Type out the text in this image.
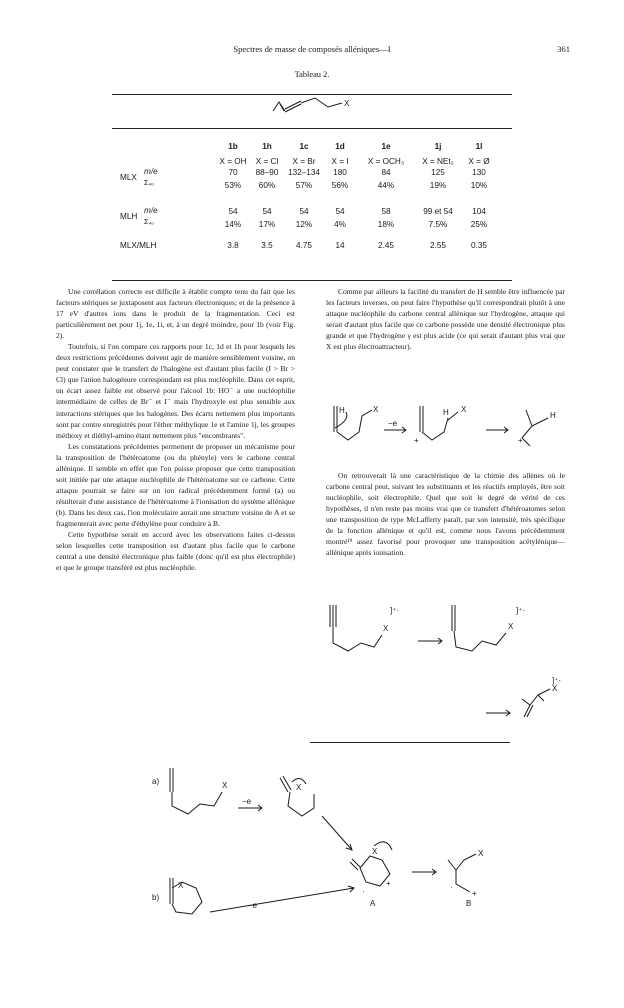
Spectres de masse de composés alléniques—I	361
Tableau 2.
X
1b	1h	1c	1d	1e	1j	1l
X = OH	X = Cl	X = Br	X = I	X = OCH₃	X = NEt₂	X = Ø
MLX
m/e
Σ₄₀
70	88–90	132–134	180	84	125	130
53%	60%	57%	56%	44%	19%	10%
MLH
m/e
Σ₄₀
54	54	54	54	58	99 et 54	104
14%	17%	12%	4%	18%	7.5%	25%
MLX/MLH	3.8	3.5	4.75	14	2.45	2.55	0.35

Une corrélation correcte est difficile à établir compte tenu du fait que les facteurs stériques se juxtaposent aux facteurs électroniques; et de la présence à 17 eV d'autres ions dans le produit de la fragmentation. Ceci est particulièrement net pour 1j, 1e, 1i, et, à un degré moindre, pour 1b (voir Fig. 2).

Toutefois, si l'on compare ces rapports pour 1c, 1d et 1h pour lesquels les deux restrictions précédentes doivent agir de manière sensiblement voisine, on peut constater que le transfert de l'halogène est d'autant plus facile (I > Br > Cl) que l'anion halogénure correspondant est plus nucléophile. Dans cet esprit, un écart assez faible est observé pour l'alcool 1b: HO⁻ a une nucléophilie intermédiaire de celles de Br⁻ et I⁻ mais l'hydroxyle est plus sensible aux interactions stériques que les halogènes. Des écarts nettement plus importants sont par contre enregistrés pour l'éther méthylique 1e et l'amine 1j, les groupes méthoxy et diéthyl-amino étant nettement plus "encombrants".

Les constatations précédentes permettent de proposer un mécanisme pour la transposition de l'hétéroatome (ou du phényle) vers le carbone central allénique. Il semble en effet que l'on puisse proposer que cette transposition soit initiée par une attaque nucléophile de l'hétéroatome sur ce carbone. Cette attaque pourrait se faire sur un ion radical précédemment formé (a) ou résulterait d'une assistance de l'hétéroatome à l'ionisation du système allénique (b). Dans les deux cas, l'ion moléculaire aurait une structure voisine de A et se fragmenterait avec perte d'éthylène pour conduire à B.

Cette hypothèse serait en accord avec les observations faites ci-dessus selon lesquelles cette transposition est d'autant plus facile que le carbone central a une densité électronique plus faible (donc qu'il est plus électrophile) et que le groupe transféré est plus nucléophile.

Comme par ailleurs la facilité du transfert de H semble être influencée par les facteurs inverses, on peut faire l'hypothèse qu'il correspondrait plutôt à une attaque nucléophile du carbone central allénique sur l'hydrogène, attaque qui serait d'autant plus facile que ce carbone possède une densité électronique plus grande et que l'hydrogène γ est plus acide (ce qui serait d'autant plus vrai que X est plus électroattracteur).

H	X
−e
H X
+
H
+

On retrouverait là une caractéristique de la chimie des allènes où le carbone central peut, suivant les substituants et les réactifs employés, être soit nucléophile, soit électrophile. Quel que soit le degré de vérité de ces hypothèses, il n'en reste pas moins vrai que ce transfert d'hétéroatomes selon une transposition de type McLafferty paraît, par son intensité, très spécifique de la fonction allénique et qu'il est, comme nous l'avons précédemment montré¹⁹ assez favorisé pour provoquer une transposition acétylénique—allénique après ionisation.

X
]⁺·
X
]⁺·
X
]⁺·
a)	X
−e
X
X
·
+
A
X
·
+
B
b)
X
−e
